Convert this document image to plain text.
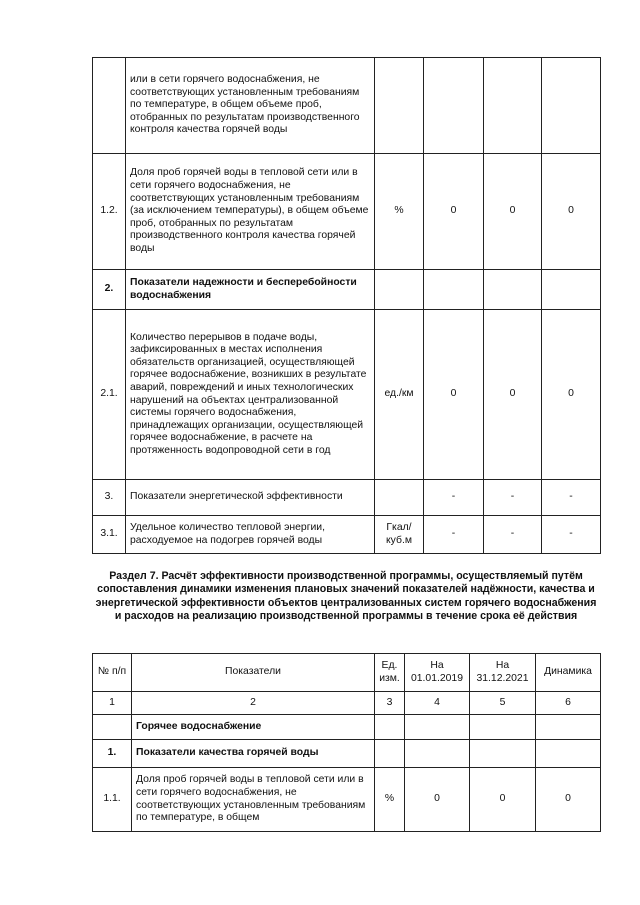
	или в сети горячего водоснабжения, не соответствующих установленным требованиям по температуре, в общем объеме проб, отобранных по результатам производственного контроля качества горячей воды				
1.2.	Доля проб горячей воды в тепловой сети или в сети горячего водоснабжения, не соответствующих установленным требованиям (за исключением температуры), в общем объеме проб, отобранных по результатам производственного контроля качества горячей воды	%	0	0	0
2.	Показатели надежности и бесперебойности водоснабжения				
2.1.	Количество перерывов в подаче воды, зафиксированных в местах исполнения обязательств организацией, осуществляющей горячее водоснабжение, возникших в результате аварий, повреждений и иных технологических нарушений на объектах централизованной системы горячего водоснабжения, принадлежащих организации, осуществляющей горячее водоснабжение, в расчете на протяженность водопроводной сети в год	ед./км	0	0	0
3.	Показатели энергетической эффективности		-	-	-
3.1.	Удельное количество тепловой энергии, расходуемое на подогрев горячей воды	Гкал/ куб.м	-	-	-
Раздел 7. Расчёт эффективности производственной программы, осуществляемый путём сопоставления динамики изменения плановых значений показателей надёжности, качества и энергетической эффективности объектов централизованных систем горячего водоснабжения и расходов на реализацию производственной программы в течение срока её действия
№ п/п	Показатели	Ед. изм.	На 01.01.2019	На 31.12.2021	Динамика
1	2	3	4	5	6
	Горячее водоснабжение				
1.	Показатели качества горячей воды				
1.1.	Доля проб горячей воды в тепловой сети или в сети горячего водоснабжения, не соответствующих установленным требованиям по температуре, в общем	%	0	0	0
